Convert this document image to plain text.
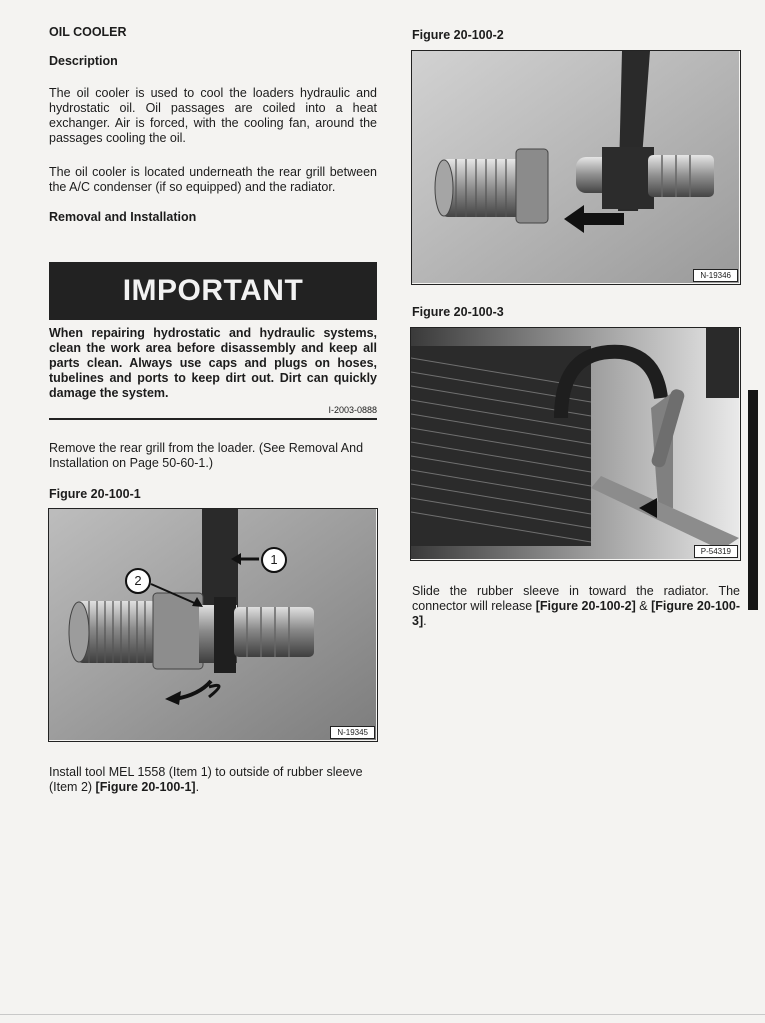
OIL COOLER
Description
The oil cooler is used to cool the loaders hydraulic and hydrostatic oil. Oil passages are coiled into a heat exchanger. Air is forced, with the cooling fan, around the passages cooling the oil.
The oil cooler is located underneath the rear grill between the A/C condenser (if so equipped) and the radiator.
Removal and Installation
IMPORTANT
When repairing hydrostatic and hydraulic systems, clean the work area before disassembly and keep all parts clean. Always use caps and plugs on hoses, tubelines and ports to keep dirt out. Dirt can quickly damage the system.
I-2003-0888
Remove the rear grill from the loader. (See Removal And Installation on Page 50-60-1.)
Figure 20-100-1
1
2
N-19345
Install tool MEL 1558 (Item 1) to outside of rubber sleeve (Item 2) [Figure 20-100-1].
Figure 20-100-2
N-19346
Figure 20-100-3
P-54319
Slide the rubber sleeve in toward the radiator. The connector will release [Figure 20-100-2] & [Figure 20-100-3].
